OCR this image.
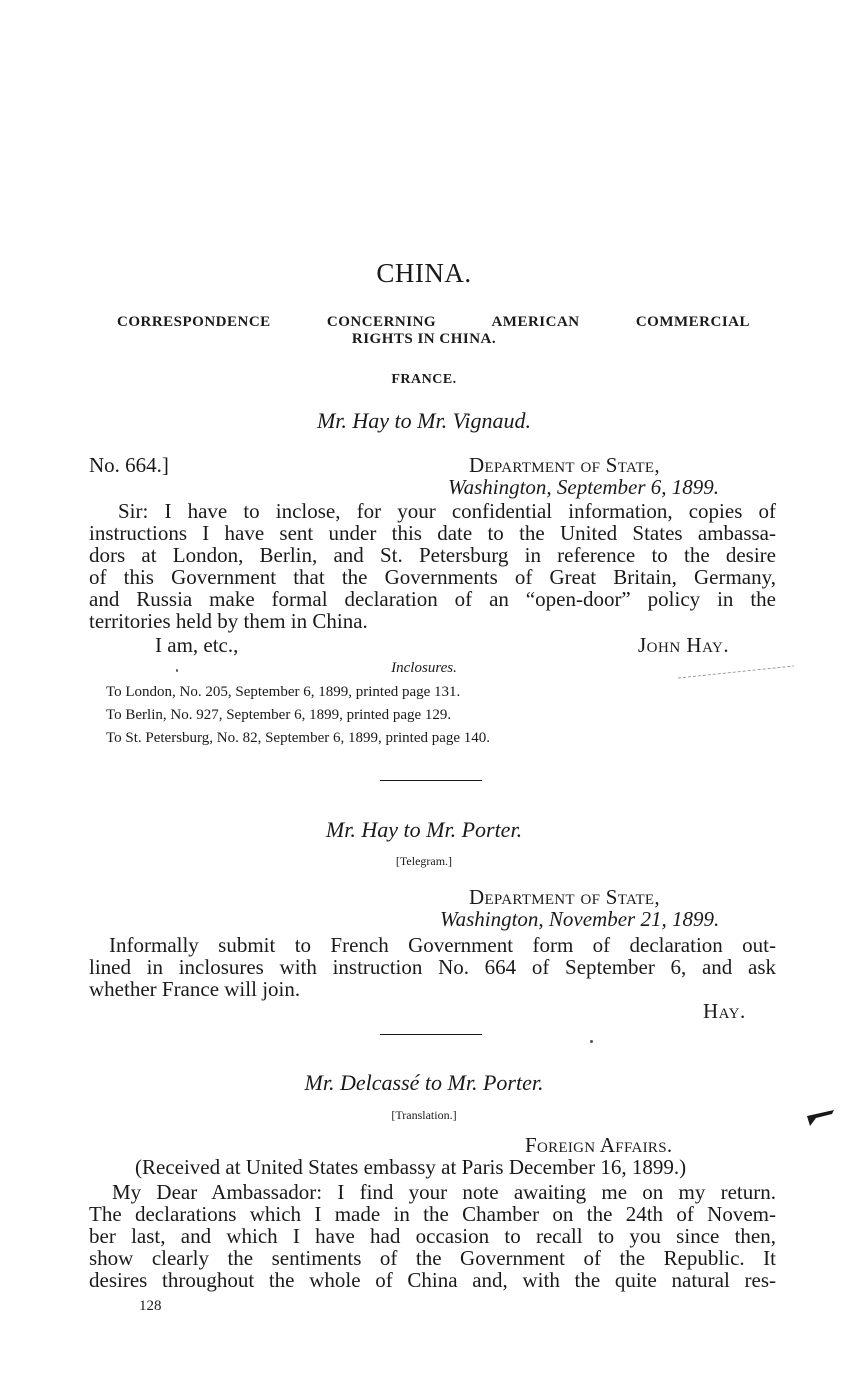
CHINA.
CORRESPONDENCE CONCERNING AMERICAN COMMERCIAL
RIGHTS IN CHINA.
FRANCE.
Mr. Hay to Mr. Vignaud.
No. 664.]	Department of State,
Washington, September 6, 1899.
Sir: I have to inclose, for your confidential information, copies of
instructions I have sent under this date to the United States ambassa-
dors at London, Berlin, and St. Petersburg in reference to the desire
of this Government that the Governments of Great Britain, Germany,
and Russia make formal declaration of an “open-door” policy in the
territories held by them in China.
I am, etc.,	John Hay.
Inclosures.
To London, No. 205, September 6, 1899, printed page 131.
To Berlin, No. 927, September 6, 1899, printed page 129.
To St. Petersburg, No. 82, September 6, 1899, printed page 140.
Mr. Hay to Mr. Porter.
[Telegram.]
Department of State,
Washington, November 21, 1899.
Informally submit to French Government form of declaration out-
lined in inclosures with instruction No. 664 of September 6, and ask
whether France will join.
Hay.
Mr. Delcassé to Mr. Porter.
[Translation.]
Foreign Affairs.
(Received at United States embassy at Paris December 16, 1899.)
My Dear Ambassador: I find your note awaiting me on my return.
The declarations which I made in the Chamber on the 24th of Novem-
ber last, and which I have had occasion to recall to you since then,
show clearly the sentiments of the Government of the Republic. It
desires throughout the whole of China and, with the quite natural res-
128
